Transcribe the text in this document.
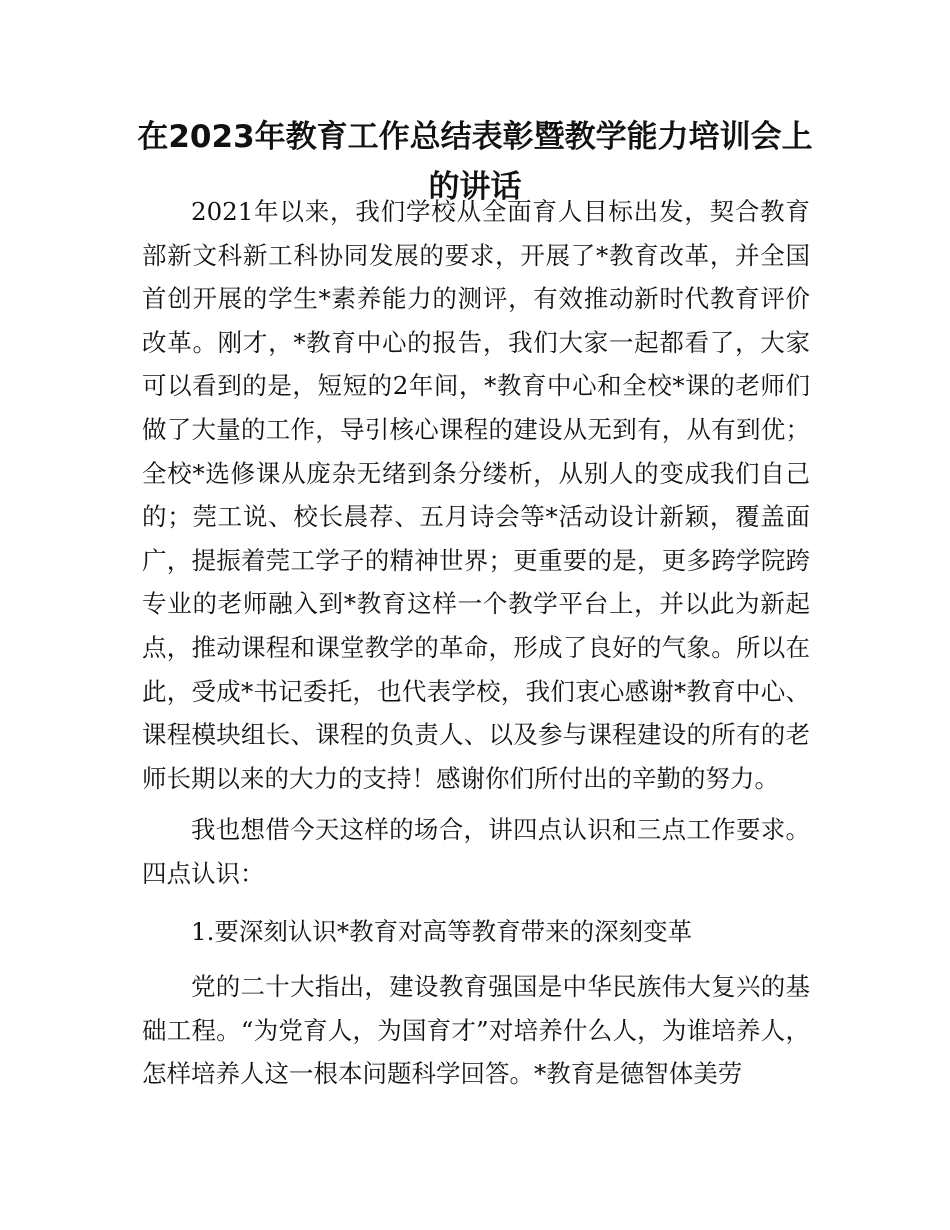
在2023年教育工作总结表彰暨教学能力培训会上的讲话

2021年以来，我们学校从全面育人目标出发，契合教育部新文科新工科协同发展的要求，开展了*教育改革，并全国首创开展的学生*素养能力的测评，有效推动新时代教育评价改革。刚才，*教育中心的报告，我们大家一起都看了，大家可以看到的是，短短的2年间，*教育中心和全校*课的老师们做了大量的工作，导引核心课程的建设从无到有，从有到优；全校*选修课从庞杂无绪到条分缕析，从别人的变成我们自己的；莞工说、校长晨荐、五月诗会等*活动设计新颖，覆盖面广，提振着莞工学子的精神世界；更重要的是，更多跨学院跨专业的老师融入到*教育这样一个教学平台上，并以此为新起点，推动课程和课堂教学的革命，形成了良好的气象。所以在此，受成*书记委托，也代表学校，我们衷心感谢*教育中心、课程模块组长、课程的负责人、以及参与课程建设的所有的老师长期以来的大力的支持！感谢你们所付出的辛勤的努力。

我也想借今天这样的场合，讲四点认识和三点工作要求。四点认识：

1.要深刻认识*教育对高等教育带来的深刻变革

党的二十大指出，建设教育强国是中华民族伟大复兴的基础工程。“为党育人，为国育才”对培养什么人，为谁培养人，怎样培养人这一根本问题科学回答。*教育是德智体美劳
